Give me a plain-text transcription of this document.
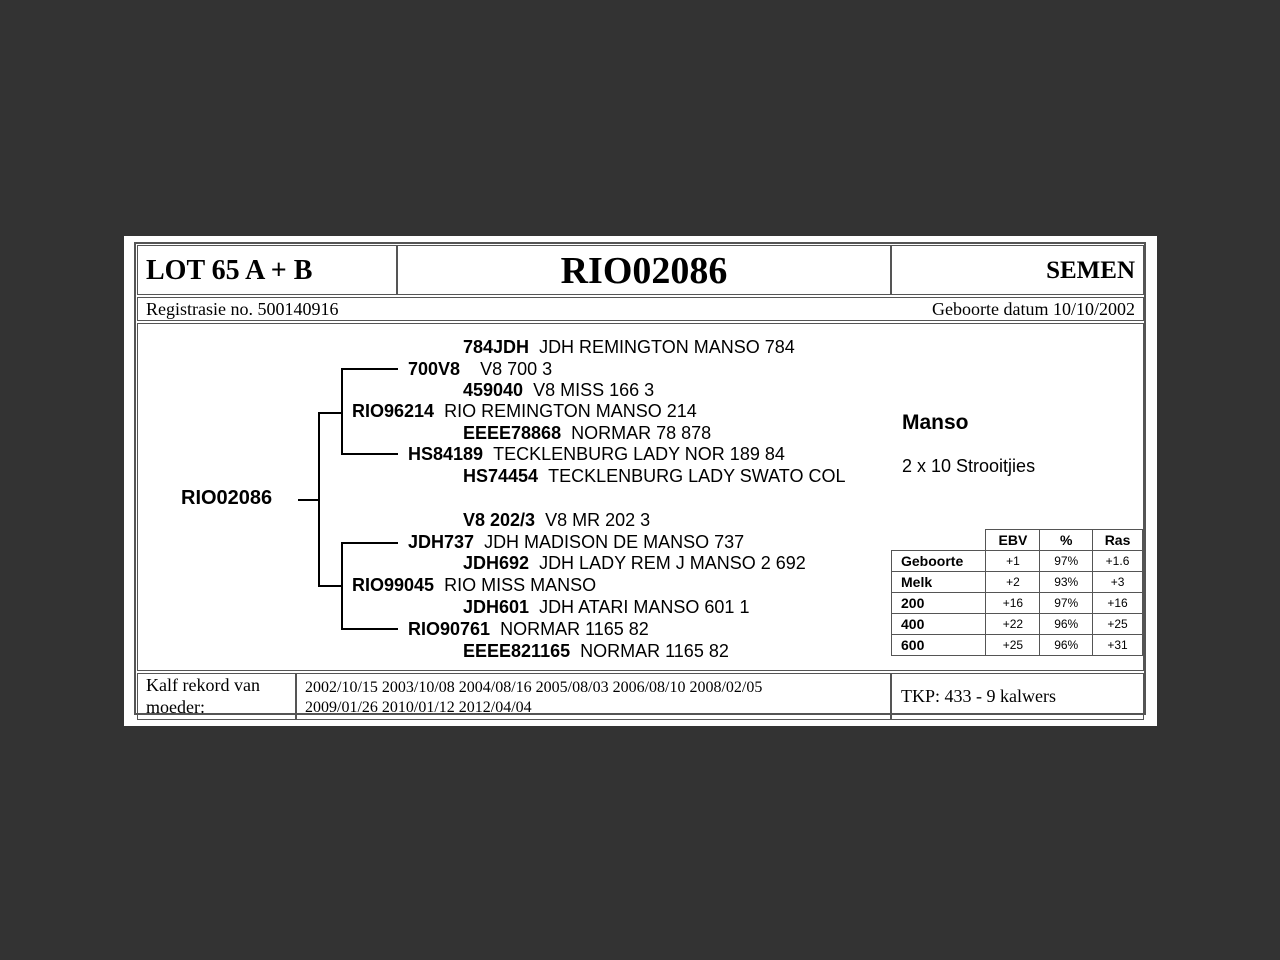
LOT 65 A + B	RIO02086	SEMEN
Registrasie no. 500140916	Geboorte datum 10/10/2002
RIO02086
784JDH JDH REMINGTON MANSO 784
700V8 V8 700 3
459040 V8 MISS 166 3
RIO96214 RIO REMINGTON MANSO 214
EEEE78868 NORMAR 78 878
HS84189 TECKLENBURG LADY NOR 189 84
HS74454 TECKLENBURG LADY SWATO COL
V8 202/3 V8 MR 202 3
JDH737 JDH MADISON DE MANSO 737
JDH692 JDH LADY REM J MANSO 2 692
RIO99045 RIO MISS MANSO
JDH601 JDH ATARI MANSO 601 1
RIO90761 NORMAR 1165 82
EEEE821165 NORMAR 1165 82
Manso
2 x 10 Strooitjies
	EBV	%	Ras
Geboorte	+1	97%	+1.6
Melk	+2	93%	+3
200	+16	97%	+16
400	+22	96%	+25
600	+25	96%	+31
Kalf rekord van
moeder:
2002/10/15 2003/10/08 2004/08/16 2005/08/03 2006/08/10 2008/02/05
2009/01/26 2010/01/12 2012/04/04
TKP: 433 - 9 kalwers
